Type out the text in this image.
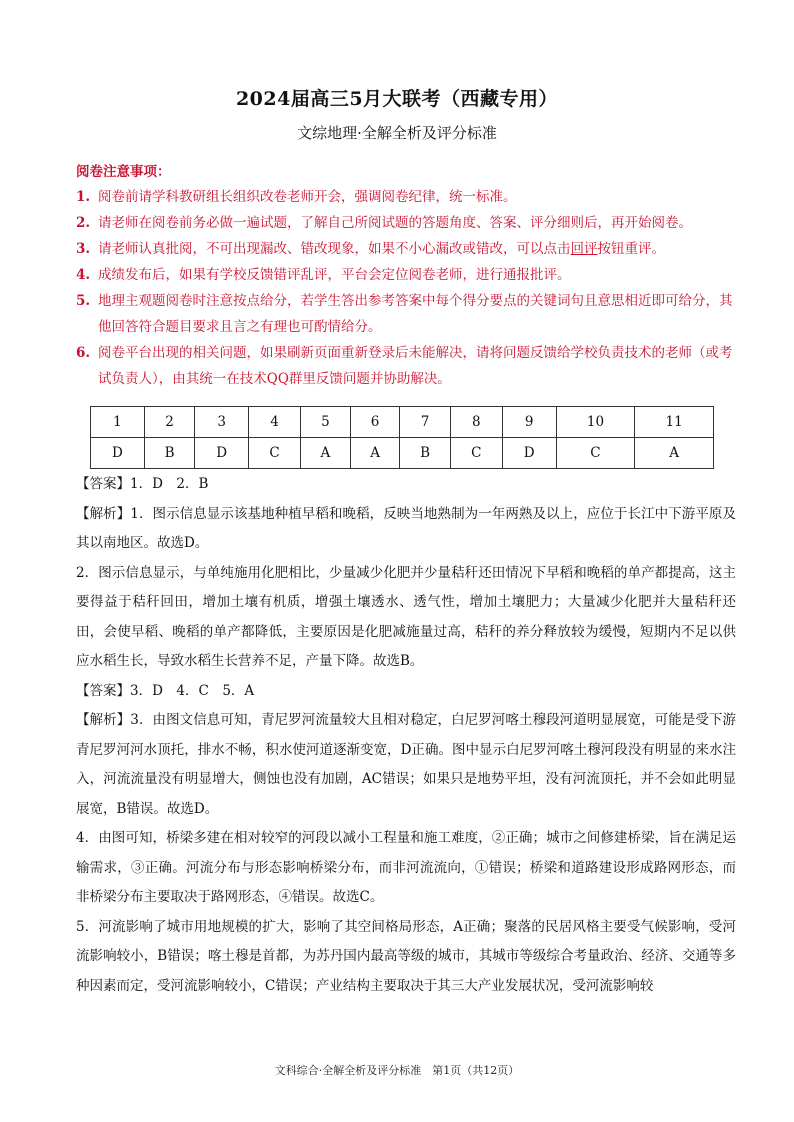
2024届高三5月大联考（西藏专用）
文综地理·全解全析及评分标准
阅卷注意事项：
1. 阅卷前请学科教研组长组织改卷老师开会，强调阅卷纪律，统一标准。
2. 请老师在阅卷前务必做一遍试题，了解自己所阅试题的答题角度、答案、评分细则后，再开始阅卷。
3. 请老师认真批阅，不可出现漏改、错改现象，如果不小心漏改或错改，可以点击回评按钮重评。
4. 成绩发布后，如果有学校反馈错评乱评，平台会定位阅卷老师，进行通报批评。
5. 地理主观题阅卷时注意按点给分，若学生答出参考答案中每个得分要点的关键词句且意思相近即可给分，其他回答符合题目要求且言之有理也可酌情给分。
6. 阅卷平台出现的相关问题，如果刷新页面重新登录后未能解决，请将问题反馈给学校负责技术的老师（或考试负责人），由其统一在技术QQ群里反馈问题并协助解决。
1	2	3	4	5	6	7	8	9	10	11
D	B	D	C	A	A	B	C	D	C	A

【答案】1．D　2．B

【解析】1．图示信息显示该基地种植早稻和晚稻，反映当地熟制为一年两熟及以上，应位于长江中下游平原及其以南地区。故选D。

2．图示信息显示，与单纯施用化肥相比，少量减少化肥并少量秸秆还田情况下早稻和晚稻的单产都提高，这主要得益于秸秆回田，增加土壤有机质，增强土壤透水、透气性，增加土壤肥力；大量减少化肥并大量秸秆还田，会使早稻、晚稻的单产都降低，主要原因是化肥减施量过高，秸秆的养分释放较为缓慢，短期内不足以供应水稻生长，导致水稻生长营养不足，产量下降。故选B。

【答案】3．D　4．C　5．A

【解析】3．由图文信息可知，青尼罗河流量较大且相对稳定，白尼罗河喀土穆段河道明显展宽，可能是受下游青尼罗河河水顶托，排水不畅，积水使河道逐渐变宽，D正确。图中显示白尼罗河喀土穆河段没有明显的来水注入，河流流量没有明显增大，侧蚀也没有加剧，AC错误；如果只是地势平坦，没有河流顶托，并不会如此明显展宽，B错误。故选D。

4．由图可知，桥梁多建在相对较窄的河段以减小工程量和施工难度，②正确；城市之间修建桥梁，旨在满足运输需求，③正确。河流分布与形态影响桥梁分布，而非河流流向，①错误；桥梁和道路建设形成路网形态，而非桥梁分布主要取决于路网形态，④错误。故选C。

5．河流影响了城市用地规模的扩大，影响了其空间格局形态，A正确；聚落的民居风格主要受气候影响，受河流影响较小，B错误；喀土穆是首都，为苏丹国内最高等级的城市，其城市等级综合考量政治、经济、交通等多种因素而定，受河流影响较小，C错误；产业结构主要取决于其三大产业发展状况，受河流影响较

文科综合·全解全析及评分标准　第1页（共12页）
